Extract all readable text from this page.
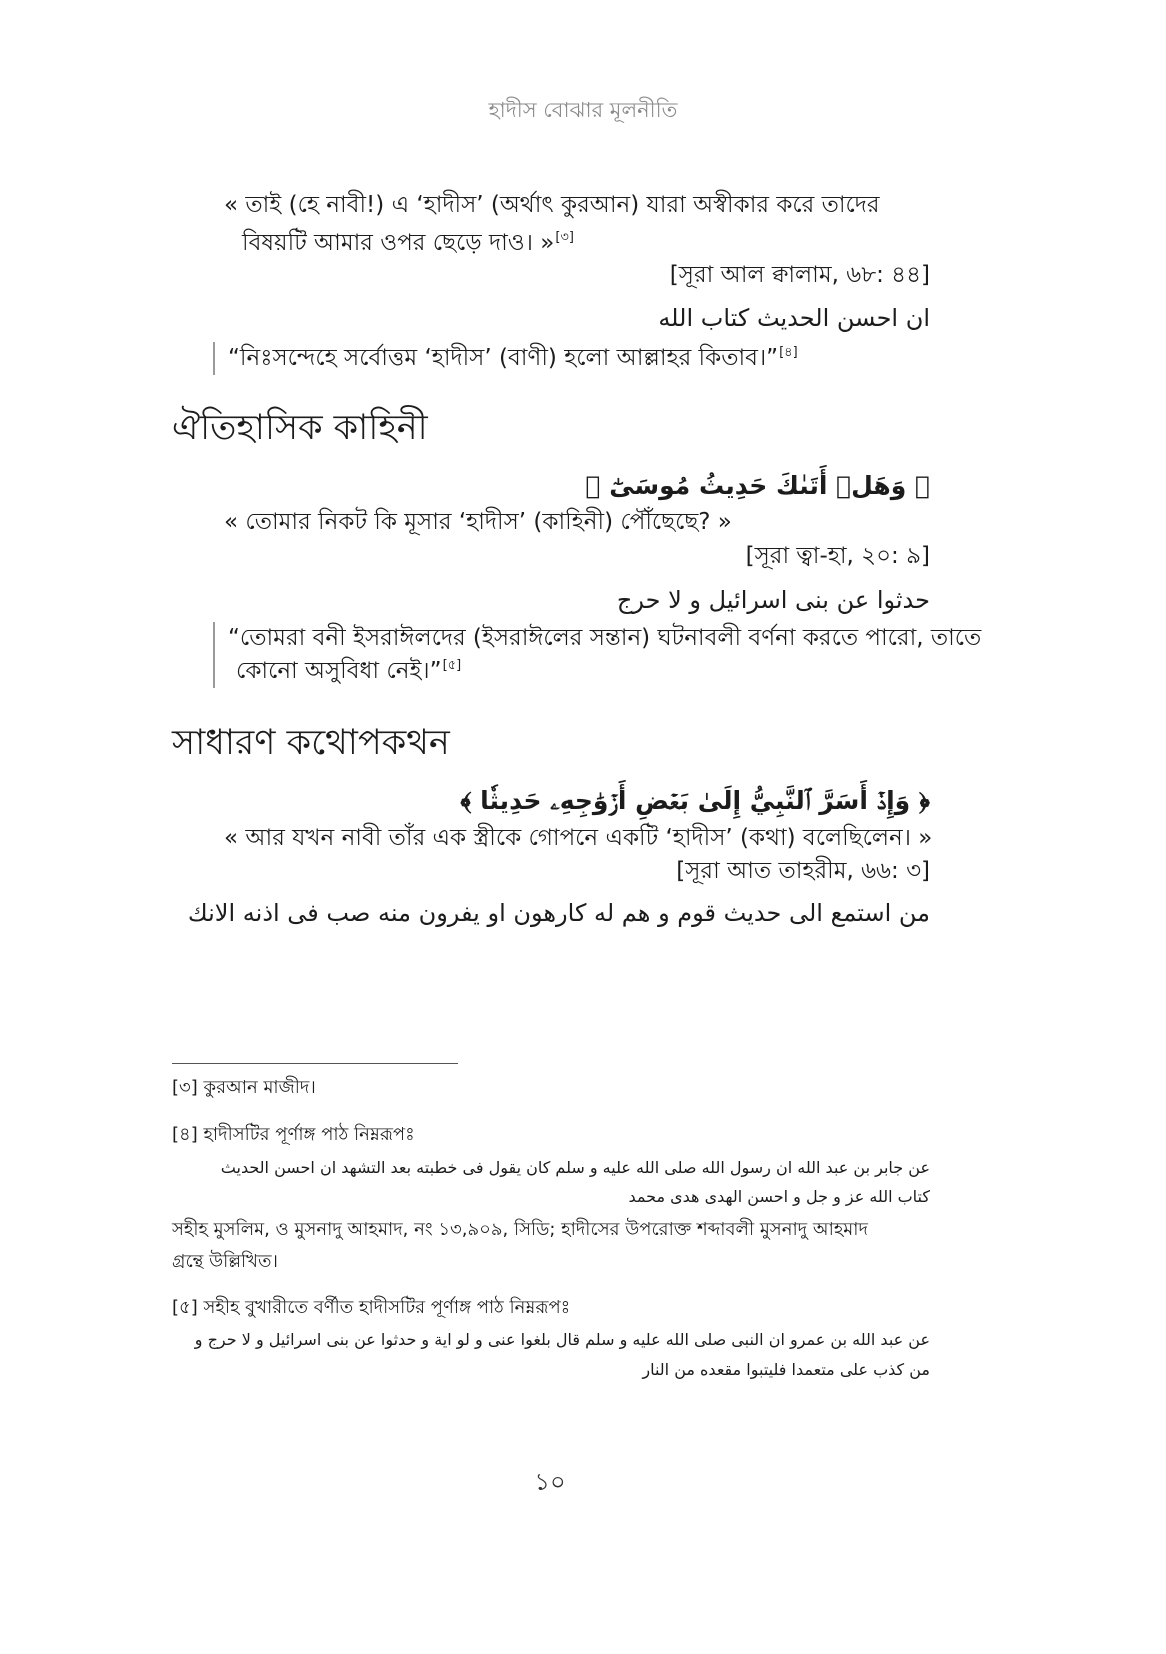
হাদীস বোঝার মূলনীতি
« তাই (হে নাবী!) এ ‘হাদীস’ (অর্থাৎ কুরআন) যারা অস্বীকার করে তাদের
বিষয়টি আমার ওপর ছেড়ে দাও। »[৩]
[সূরা আল ক্বালাম, ৬৮: ৪৪]
ان احسن الحديث كتاب الله
“নিঃসন্দেহে সর্বোত্তম ‘হাদীস’ (বাণী) হলো আল্লাহর কিতাব।”[৪]
ঐতিহাসিক কাহিনী
﴿ وَهَلۡ أَتَىٰكَ حَدِيثُ مُوسَىٰٓ ﴾
« তোমার নিকট কি মূসার ‘হাদীস’ (কাহিনী) পৌঁছেছে? »
[সূরা ত্বা-হা, ২০: ৯]
حدثوا عن بنى اسرائيل و لا حرج
“তোমরা বনী ইসরাঈলদের (ইসরাঈলের সন্তান) ঘটনাবলী বর্ণনা করতে পারো, তাতে
কোনো অসুবিধা নেই।”[৫]
সাধারণ কথোপকথন
﴿ وَإِذۡ أَسَرَّ ٱلنَّبِيُّ إِلَىٰ بَعۡضِ أَزۡوَٰجِهِۦ حَدِيثٗا ﴾
« আর যখন নাবী তাঁর এক স্ত্রীকে গোপনে একটি ‘হাদীস’ (কথা) বলেছিলেন। »
[সূরা আত তাহরীম, ৬৬: ৩]
من استمع الى حديث قوم و هم له كارهون او يفرون منه صب فى اذنه الانك
[৩] কুরআন মাজীদ।
[৪] হাদীসটির পূর্ণাঙ্গ পাঠ নিম্নরূপঃ
عن جابر بن عبد الله ان رسول الله صلى الله عليه و سلم كان يقول فى خطبته بعد التشهد ان احسن الحديث
كتاب الله عز و جل و احسن الهدى هدى محمد
সহীহ মুসলিম, ও মুসনাদু আহমাদ, নং ১৩,৯০৯, সিডি; হাদীসের উপরোক্ত শব্দাবলী মুসনাদু আহমাদ
গ্রন্থে উল্লিখিত।
[৫] সহীহ বুখারীতে বর্ণীত হাদীসটির পূর্ণাঙ্গ পাঠ নিম্নরূপঃ
عن عبد الله بن عمرو ان النبى صلى الله عليه و سلم قال بلغوا عنى و لو اية و حدثوا عن بنى اسرائيل و لا حرج و
من كذب على متعمدا فليتبوا مقعده من النار
১০
